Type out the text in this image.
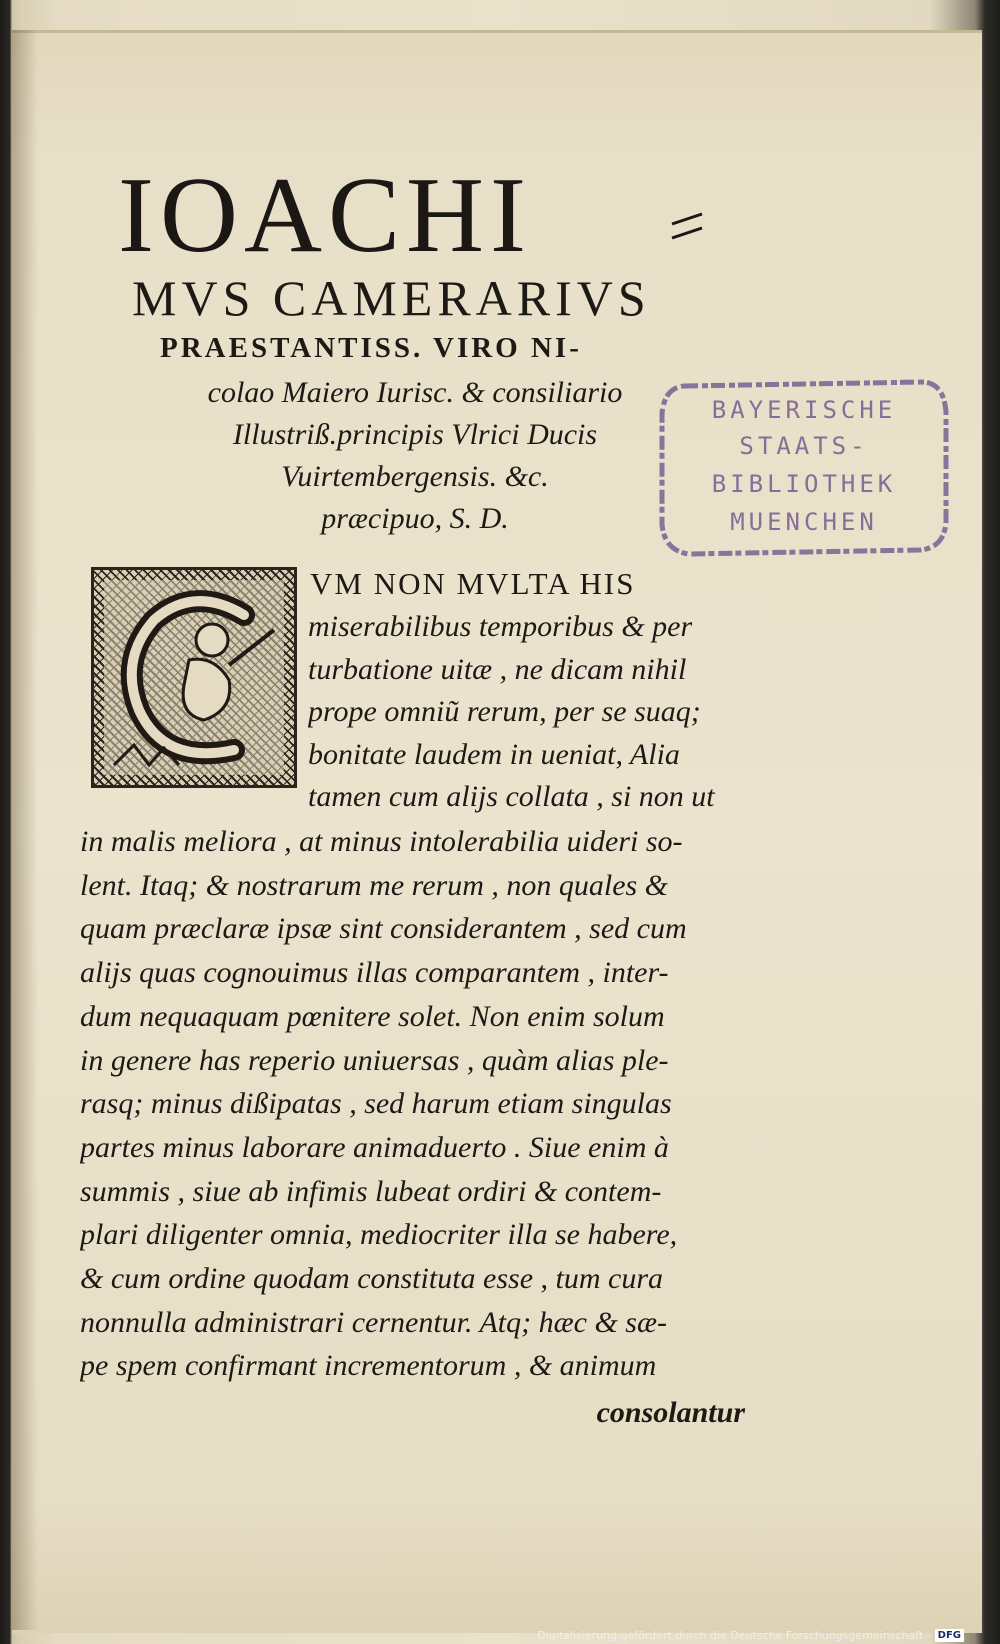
IOACHI
MVS CAMERARIVS
PRAESTANTISS. VIRO NI-
colao Maiero Iurisc. & consiliario
Illustriß.principis Vlrici Ducis
Vuirtembergensis. &c.
præcipuo, S. D.
BAYERISCHE
STAATS-
BIBLIOTHEK
MUENCHEN
VM NON MVLTA HIS
miserabilibus temporibus & per
turbatione uitæ , ne dicam nihil
prope omniũ rerum, per se suaq;
bonitate laudem in ueniat, Alia
tamen cum alijs collata , si non ut
in malis meliora , at minus intolerabilia uideri so-
lent. Itaq; & nostrarum me rerum , non quales &
quam præclaræ ipsæ sint considerantem , sed cum
alijs quas cognouimus illas comparantem , inter-
dum nequaquam pœnitere solet. Non enim solum
in genere has reperio uniuersas , quàm alias ple-
rasq; minus dißipatas , sed harum etiam singulas
partes minus laborare animaduerto . Siue enim à
summis , siue ab infimis lubeat ordiri & contem-
plari diligenter omnia, mediocriter illa se habere,
& cum ordine quodam constituta esse , tum cura
nonnulla administrari cernentur. Atq; hæc & sæ-
pe spem confirmant incrementorum , & animum
consolantur
Digitalisierung gefördert durch die Deutsche Forschungsgemeinschaft - DFG
